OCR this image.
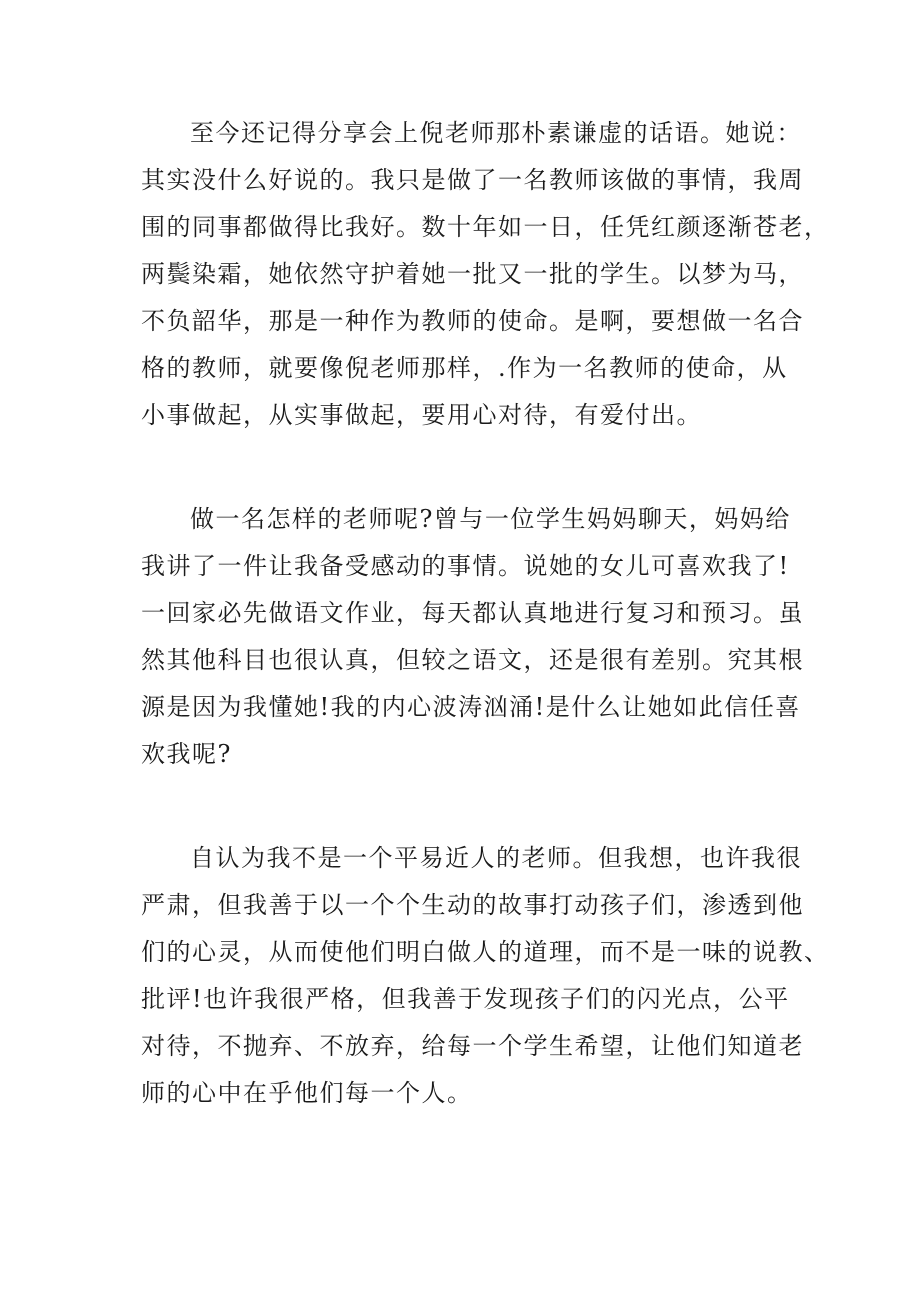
至今还记得分享会上倪老师那朴素谦虚的话语。她说：
其实没什么好说的。我只是做了一名教师该做的事情，我周
围的同事都做得比我好。数十年如一日，任凭红颜逐渐苍老，
两鬓染霜，她依然守护着她一批又一批的学生。以梦为马，
不负韶华，那是一种作为教师的使命。是啊，要想做一名合
格的教师，就要像倪老师那样，.作为一名教师的使命，从
小事做起，从实事做起，要用心对待，有爱付出。

做一名怎样的老师呢?曾与一位学生妈妈聊天，妈妈给
我讲了一件让我备受感动的事情。说她的女儿可喜欢我了!
一回家必先做语文作业，每天都认真地进行复习和预习。虽
然其他科目也很认真，但较之语文，还是很有差别。究其根
源是因为我懂她!我的内心波涛汹涌!是什么让她如此信任喜
欢我呢?

自认为我不是一个平易近人的老师。但我想，也许我很
严肃，但我善于以一个个生动的故事打动孩子们，渗透到他
们的心灵，从而使他们明白做人的道理，而不是一味的说教、
批评!也许我很严格，但我善于发现孩子们的闪光点，公平
对待，不抛弃、不放弃，给每一个学生希望，让他们知道老
师的心中在乎他们每一个人。
